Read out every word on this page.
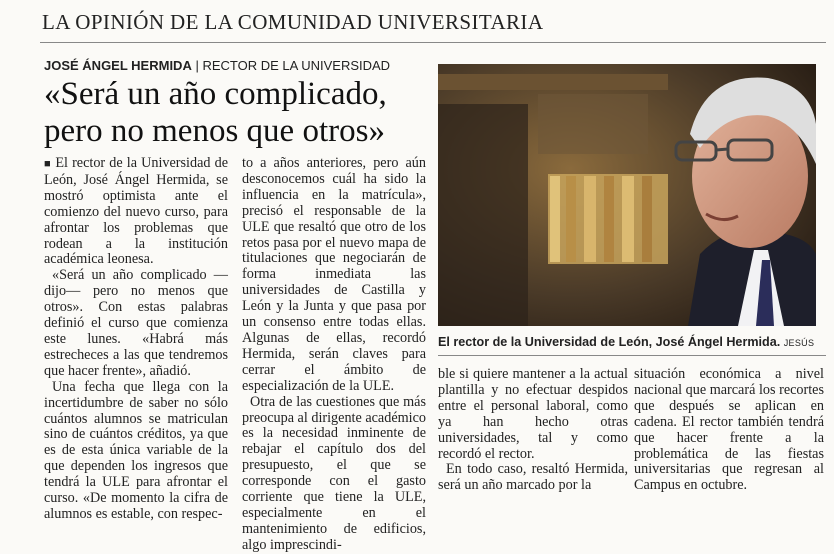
LA OPINIÓN DE LA COMUNIDAD UNIVERSITARIA
JOSÉ ÁNGEL HERMIDA | RECTOR DE LA UNIVERSIDAD
«Será un año complicado, pero no menos que otros»

■ El rector de la Universidad de León, José Ángel Hermida, se mostró optimista ante el comienzo del nuevo curso, para afrontar los problemas que rodean a la institución académica leonesa.

«Será un año complicado —dijo— pero no menos que otros». Con estas palabras definió el curso que comienza este lunes. «Habrá más estrecheces a las que tendremos que hacer frente», añadió.

Una fecha que llega con la incertidumbre de saber no sólo cuántos alumnos se matriculan sino de cuántos créditos, ya que es de esta única variable de la que dependen los ingresos que tendrá la ULE para afrontar el curso. «De momento la cifra de alumnos es estable, con respec-

to a años anteriores, pero aún desconocemos cuál ha sido la influencia en la matrícula», precisó el responsable de la ULE que resaltó que otro de los retos pasa por el nuevo mapa de titulaciones que negociarán de forma inmediata las universidades de Castilla y León y la Junta y que pasa por un consenso entre todas ellas. Algunas de ellas, recordó Hermida, serán claves para cerrar el ámbito de especialización de la ULE.

Otra de las cuestiones que más preocupa al dirigente académico es la necesidad inminente de rebajar el capítulo dos del presupuesto, el que se corresponde con el gasto corriente que tiene la ULE, especialmente en el mantenimiento de edificios, algo imprescindi-

El rector de la Universidad de León, José Ángel Hermida. JESÚS

ble si quiere mantener a la actual plantilla y no efectuar despidos entre el personal laboral, como ya han hecho otras universidades, tal y como recordó el rector.

En todo caso, resaltó Hermida, será un año marcado por la

situación económica a nivel nacional que marcará los recortes que después se aplican en cadena. El rector también tendrá que hacer frente a la problemática de las fiestas universitarias que regresan al Campus en octubre.
